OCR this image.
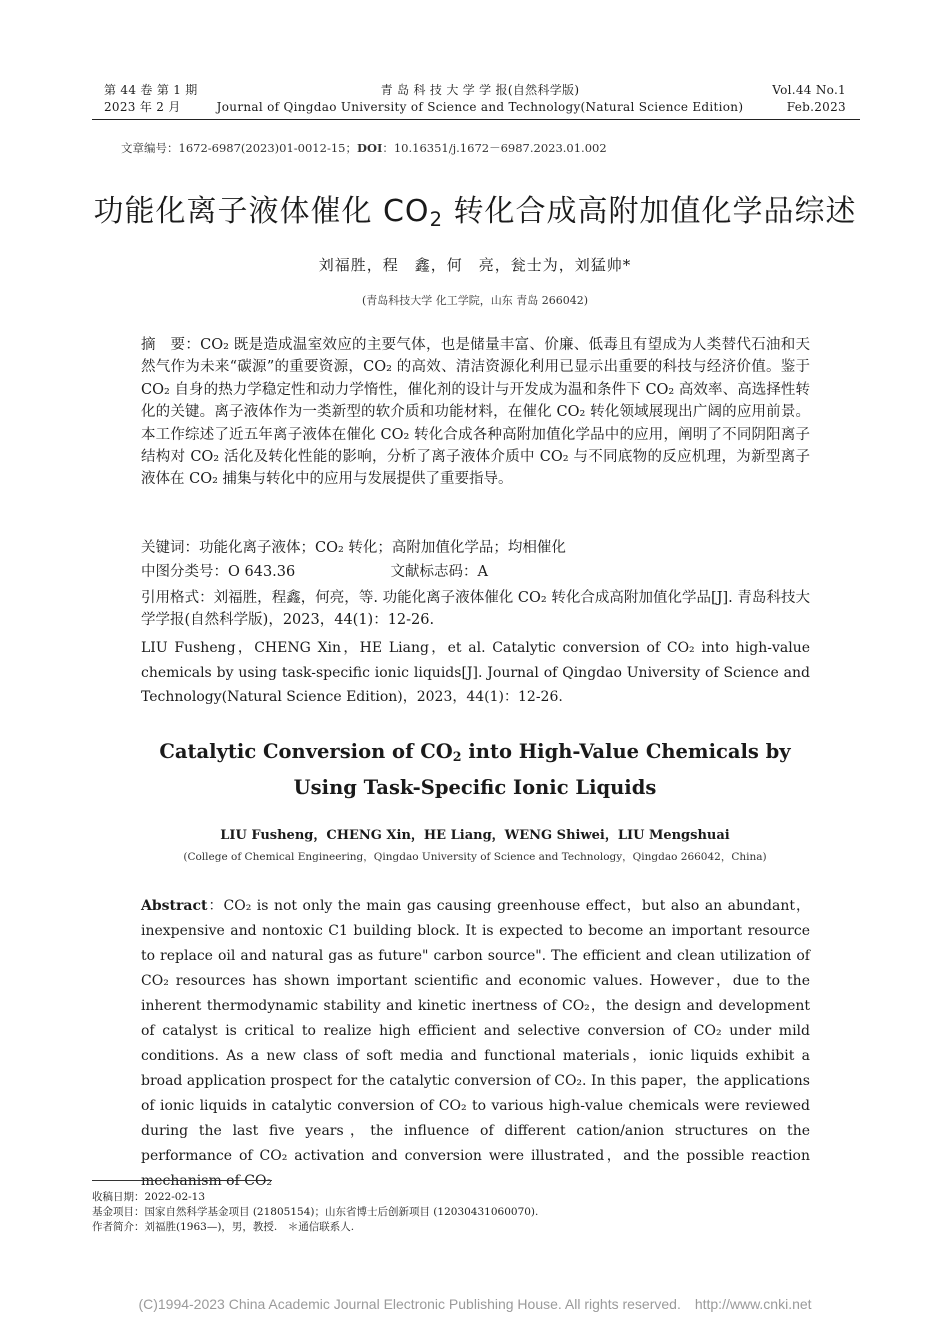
第 44 卷 第 1 期
2023 年 2 月
青 岛 科 技 大 学 学 报(自然科学版)
Journal of Qingdao University of Science and Technology(Natural Science Edition)
Vol.44 No.1
Feb.2023
文章编号：1672-6987(2023)01-0012-15；DOI：10.16351/j.1672－6987.2023.01.002
功能化离子液体催化 $CO_2$ 转化合成高附加值化学品综述
刘福胜，程　鑫，何　亮，瓮士为，刘猛帅*
(青岛科技大学 化工学院，山东 青岛 266042)
摘　要：CO₂ 既是造成温室效应的主要气体，也是储量丰富、价廉、低毒且有望成为人类替代石油和天然气作为未来“碳源”的重要资源，CO₂ 的高效、清洁资源化利用已显示出重要的科技与经济价值。鉴于 CO₂ 自身的热力学稳定性和动力学惰性，催化剂的设计与开发成为温和条件下 CO₂ 高效率、高选择性转化的关键。离子液体作为一类新型的软介质和功能材料，在催化 CO₂ 转化领域展现出广阔的应用前景。本工作综述了近五年离子液体在催化 CO₂ 转化合成各种高附加值化学品中的应用，阐明了不同阴阳离子结构对 CO₂ 活化及转化性能的影响，分析了离子液体介质中 CO₂ 与不同底物的反应机理，为新型离子液体在 CO₂ 捕集与转化中的应用与发展提供了重要指导。
关键词：功能化离子液体；CO₂ 转化；高附加值化学品；均相催化
中图分类号：O 643.36	文献标志码：A
引用格式：刘福胜，程鑫，何亮，等. 功能化离子液体催化 CO₂ 转化合成高附加值化学品[J]. 青岛科技大学学报(自然科学版)，2023，44(1)：12-26.
LIU Fusheng，CHENG Xin，HE Liang，et al. Catalytic conversion of CO₂ into high-value chemicals by using task-specific ionic liquids[J]. Journal of Qingdao University of Science and Technology(Natural Science Edition)，2023，44(1)：12-26.
Catalytic Conversion of $CO_2$ into High-Value Chemicals by
Using Task-Specific Ionic Liquids
LIU Fusheng，CHENG Xin，HE Liang，WENG Shiwei，LIU Mengshuai
(College of Chemical Engineering，Qingdao University of Science and Technology，Qingdao 266042，China)
Abstract：CO₂ is not only the main gas causing greenhouse effect，but also an abundant，inexpensive and nontoxic C1 building block. It is expected to become an important resource to replace oil and natural gas as future" carbon source". The efficient and clean utilization of CO₂ resources has shown important scientific and economic values. However，due to the inherent thermodynamic stability and kinetic inertness of CO₂，the design and development of catalyst is critical to realize high efficient and selective conversion of CO₂ under mild conditions. As a new class of soft media and functional materials，ionic liquids exhibit a broad application prospect for the catalytic conversion of CO₂. In this paper，the applications of ionic liquids in catalytic conversion of CO₂ to various high-value chemicals were reviewed during the last five years，the influence of different cation/anion structures on the performance of CO₂ activation and conversion were illustrated，and the possible reaction mechanism of CO₂
收稿日期：2022-02-13
基金项目：国家自然科学基金项目 (21805154)；山东省博士后创新项目 (12030431060070).
作者简介：刘福胜(1963—)，男，教授.　＊通信联系人.
(C)1994-2023 China Academic Journal Electronic Publishing House. All rights reserved. http://www.cnki.net
